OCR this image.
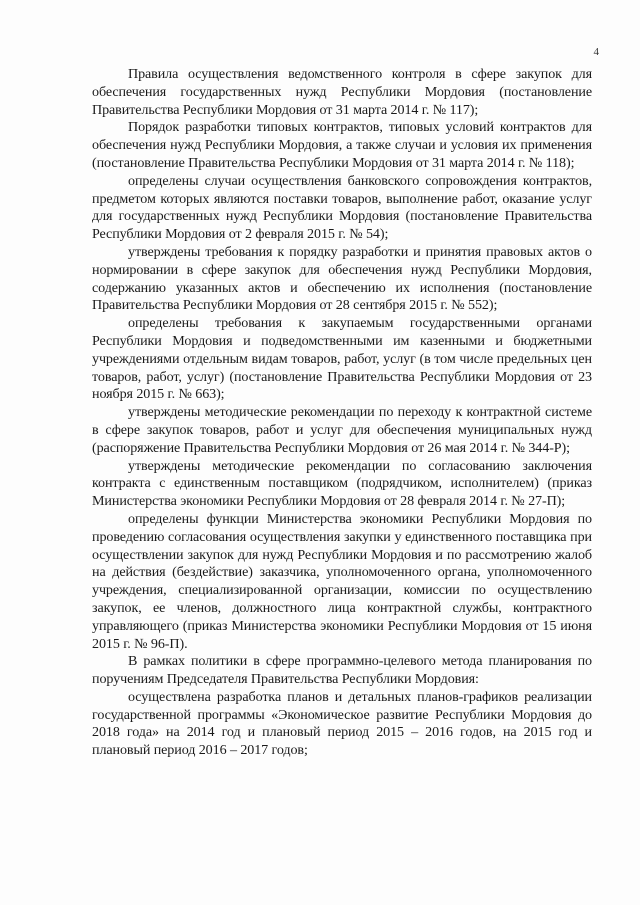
4

Правила осуществления ведомственного контроля в сфере закупок для обеспечения государственных нужд Республики Мордовия (постановление Правительства Республики Мордовия от 31 марта 2014 г. № 117);

Порядок разработки типовых контрактов, типовых условий контрактов для обеспечения нужд Республики Мордовия, а также случаи и условия их применения (постановление Правительства Республики Мордовия от 31 марта 2014 г. № 118);

определены случаи осуществления банковского сопровождения контрактов, предметом которых являются поставки товаров, выполнение работ, оказание услуг для государственных нужд Республики Мордовия (постановление Правительства Республики Мордовия от 2 февраля 2015 г. № 54);

утверждены требования к порядку разработки и принятия правовых актов о нормировании в сфере закупок для обеспечения нужд Республики Мордовия, содержанию указанных актов и обеспечению их исполнения (постановление Правительства Республики Мордовия от 28 сентября 2015 г. № 552);

определены требования к закупаемым государственными органами Республики Мордовия и подведомственными им казенными и бюджетными учреждениями отдельным видам товаров, работ, услуг (в том числе предельных цен товаров, работ, услуг) (постановление Правительства Республики Мордовия от 23 ноября 2015 г. № 663);

утверждены методические рекомендации по переходу к контрактной системе в сфере закупок товаров, работ и услуг для обеспечения муниципальных нужд (распоряжение Правительства Республики Мордовия от 26 мая 2014 г. № 344-Р);

утверждены методические рекомендации по согласованию заключения контракта с единственным поставщиком (подрядчиком, исполнителем) (приказ Министерства экономики Республики Мордовия от 28 февраля 2014 г. № 27-П);

определены функции Министерства экономики Республики Мордовия по проведению согласования осуществления закупки у единственного поставщика при осуществлении закупок для нужд Республики Мордовия и по рассмотрению жалоб на действия (бездействие) заказчика, уполномоченного органа, уполномоченного учреждения, специализированной организации, комиссии по осуществлению закупок, ее членов, должностного лица контрактной службы, контрактного управляющего (приказ Министерства экономики Республики Мордовия от 15 июня 2015 г. № 96-П).

В рамках политики в сфере программно-целевого метода планирования по поручениям Председателя Правительства Республики Мордовия:

осуществлена разработка планов и детальных планов-графиков реализации государственной программы «Экономическое развитие Республики Мордовия до 2018 года» на 2014 год и плановый период 2015 – 2016 годов, на 2015 год и плановый период 2016 – 2017 годов;
